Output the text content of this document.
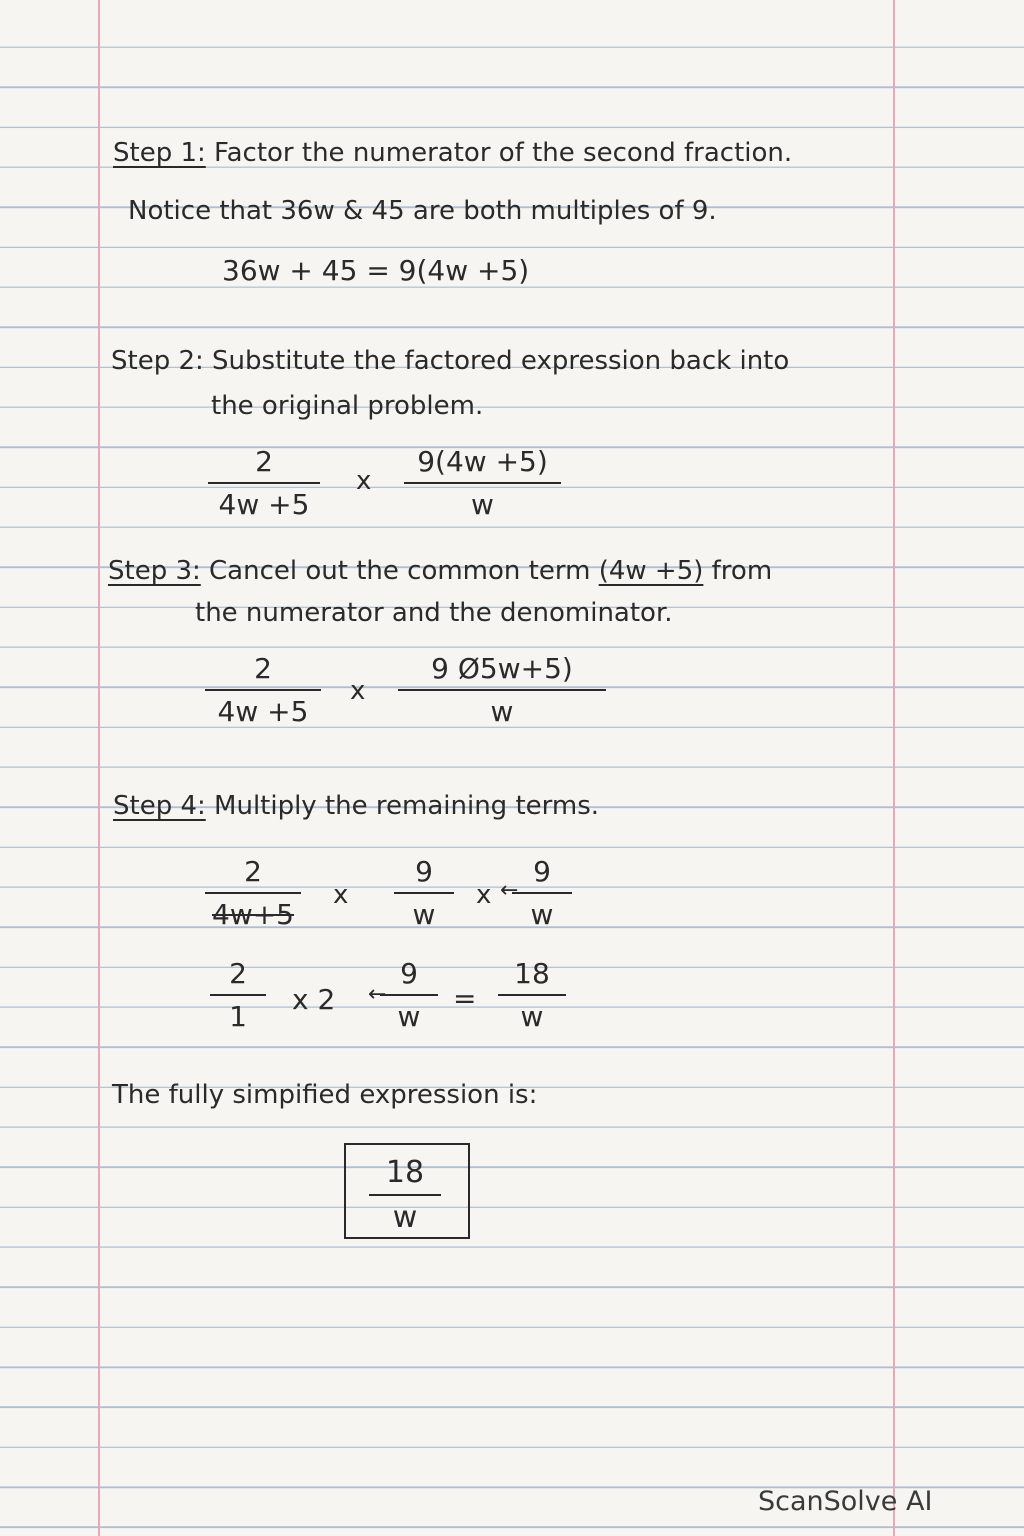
Step 1: Factor the numerator of the second fraction.
Notice that 36w & 45 are both multiples of 9.
36w + 45 = 9(4w +5)
Step 2: Substitute the factored expression back into
the original problem.
$\frac{2}{4w +5}$ x $\frac{9(4w +5)}{w}$
Step 3: Cancel out the common term (4w +5) from
the numerator and the denominator.
$\frac{2}{4w +5}$ x $\frac{9 Ø5w+5)}{w}$
Step 4: Multiply the remaining terms.
$\frac{2}{4w+5}$ x $\frac{9}{w}$ x ←
$\frac{9}{w}$
$\frac{2}{1}$ x 2 ←
$\frac{9}{w} = \frac{18}{w}$
The fully simpified expression is:
$\frac{18}{w}$
ScanSolve AI
